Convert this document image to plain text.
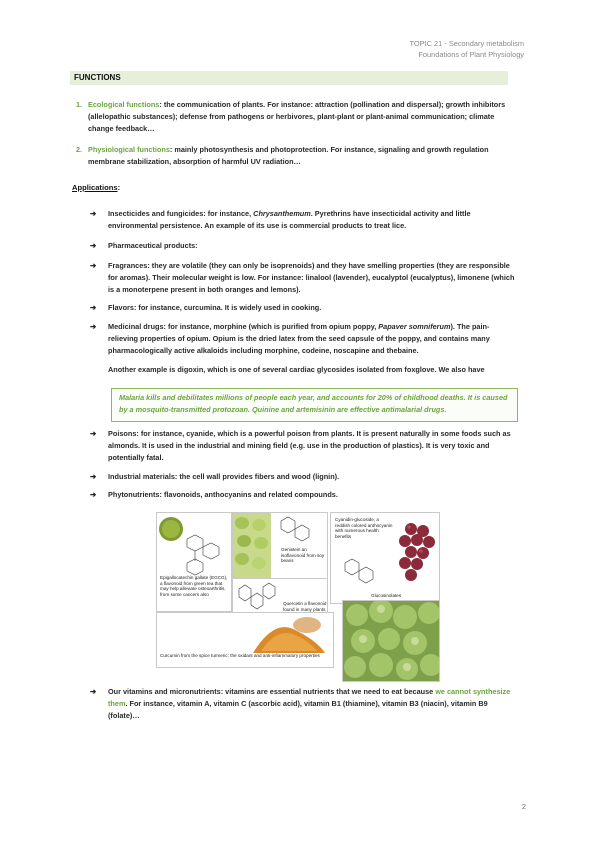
TOPIC 21 - Secondary metabolism
Foundations of Plant Physiology
FUNCTIONS
1. Ecological functions: the communication of plants. For instance: attraction (pollination and dispersal); growth inhibitors (allelopathic substances); defense from pathogens or herbivores, plant-plant or plant-animal communication; climate change feedback…
2. Physiological functions: mainly photosynthesis and photoprotection. For instance, signaling and growth regulation membrane stabilization, absorption of harmful UV radiation…
Applications:
➔ Insecticides and fungicides: for instance, Chrysanthemum. Pyrethrins have insecticidal activity and little environmental persistence. An example of its use is commercial products to treat lice.
➔ Pharmaceutical products:
➔ Fragrances: they are volatile (they can only be isoprenoids) and they have smelling properties (they are responsible for aromas). Their molecular weight is low. For instance: linalool (lavender), eucalyptol (eucalyptus), limonene (which is a monoterpene present in both oranges and lemons).
➔ Flavors: for instance, curcumina. It is widely used in cooking.
➔ Medicinal drugs: for instance, morphine (which is purified from opium poppy, Papaver somniferum). The pain-relieving properties of opium. Opium is the dried latex from the seed capsule of the poppy, and contains many pharmacologically active alkaloids including morphine, codeine, noscapine and thebaine.
Another example is digoxin, which is one of several cardiac glycosides isolated from foxglove. We also have
Malaria kills and debilitates millions of people each year, and accounts for 20% of childhood deaths. It is caused by a mosquito-transmitted protozoan. Quinine and artemisinin are effective antimalarial drugs.
➔ Poisons: for instance, cyanide, which is a powerful poison from plants. It is present naturally in some foods such as almonds. It is used in the industrial and mining field (e.g. use in the production of plastics). It is very toxic and potentially fatal.
➔ Industrial materials: the cell wall provides fibers and wood (lignin).
➔ Phytonutrients: flavonoids, anthocyanins and related compounds.
Epigallocatechin gallate (EGCG), a flavonoid from green tea that may help alleviate osteoarthritis, from some cancers also
Genistein an isoflavonoid from soy beans
Cyanidin-glucoside, a reddish colored anthocyanin with numerous health benefits
Glucosinolates
Quercetin a flavonoid found in many plants
Curcumin from the spice turmeric: the oxidant and anti-inflammatory properties
➔ Our vitamins and micronutrients: vitamins are essential nutrients that we need to eat because we cannot synthesize them. For instance, vitamin A, vitamin C (ascorbic acid), vitamin B1 (thiamine), vitamin B3 (niacin), vitamin B9 (folate)…
2
